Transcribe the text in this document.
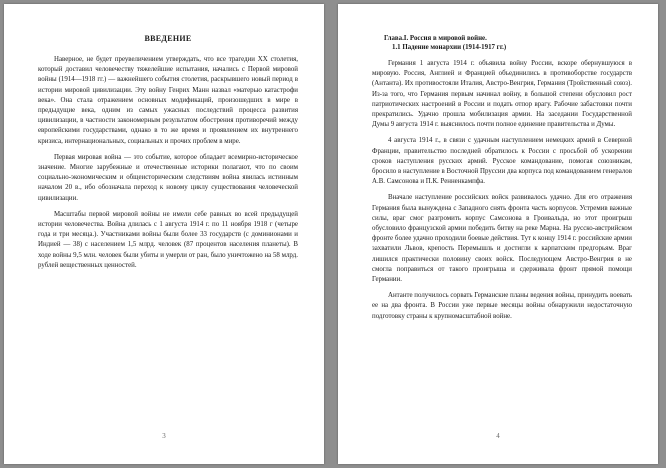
ВВЕДЕНИЕ

Наверное, не будет преувеличением утверждать, что все трагедии XX столетия, который доставил человечеству тяжелейшие испытания, начались с Первой мировой войны (1914—1918 гг.) — важнейшего события столетия, раскрывшего новый период в истории мировой цивилизации. Эту войну Генрих Манн назвал «матерью катастрофи века». Она стала отражением основных модификаций, произошедших в мире в предыдущие века, одним из самых ужасных последствий процесса развития цивилизации, в частности закономерным результатом обострения противоречий между европейскими государствами, однако в то же время и проявлением их внутреннего кризиса, интернациональных, социальных и прочих проблем в мире.

Первая мировая война — это событие, которое обладает всемирно-историческое значение. Многие зарубежные и отечественные историки полагают, что по своим социально-экономическим и общеисторическим следствиям война явилась истинным началом 20 в., ибо обозначала переход к новому циклу существования человеческой цивилизации.

Масштабы первой мировой войны не имели себе равных во всей предыдущей истории человечества. Война длилась с 1 августа 1914 г. по 11 ноября 1918 г (четыре года и три месяца.). Участниками войны были более 33 государств (с доминионами и Индией — 38) с населением 1,5 млрд. человек (87 процентов населения планеты). В ходе войны 9,5 млн. человек были убиты и умерли от ран, было уничтожено на 58 млрд. рублей вещественных ценностей.

3

Глава.I. Россия в мировой войне.

1.1 Падение монархии (1914-1917 гг.)

Германия 1 августа 1914 г. объявила войну России, вскоре обернувшуюся в мировую. Россия, Англией и Францией объединились в противоборстве государств (Антанта). Их противостояли Италия, Австро-Венгрия, Германия (Тройственный союз). Из-за того, что Германия первым начинал войну, в большой степени обусловил рост патриотических настроений в России и подать отпор врагу. Рабочие забастовки почти прекратились. Удачно прошла мобилизация армии. На заседании Государственной Думы 9 августа 1914 г. выяснилось почти полное единение правительства и Думы.

4 августа 1914 г., в связи с удачным наступлением немецких армий в Северной Франции, правительство последней обратилось к России с просьбой об ускорении сроков наступления русских армий. Русское командование, помогая союзникам, бросило в наступление в Восточной Пруссии два корпуса под командованием генералов А.В. Самсонова и П.К. Ренненкампфа.

Вначале наступление российских войск развивалось удачно. Для его отражения Германия была вынуждена с Западного снять фронта часть корпусов. Устремив важные силы, враг смог разгромить корпус Самсонова в Гроивальда, но этот проигрыш обусловило французской армии победить битву на реке Марна. На русско-австрийском фронте более удачно проходили боевые действия. Тут к концу 1914 г. российские армии захватили Львов, крепость Перемышль и достигли к карпатским предгорьям. Враг лишился практически половину своих войск. Последующем Австро-Венгрия в не смогла поправиться от такого проигрыша и сдерживала фронт прямой помощи Германии.

Антанте получилось сорвать Германские планы ведения войны, принудить воевать ее на два фронта. В России уже первые месяцы войны обнаружили недостаточную подготовку страны к крупномасштабной войне.

4
